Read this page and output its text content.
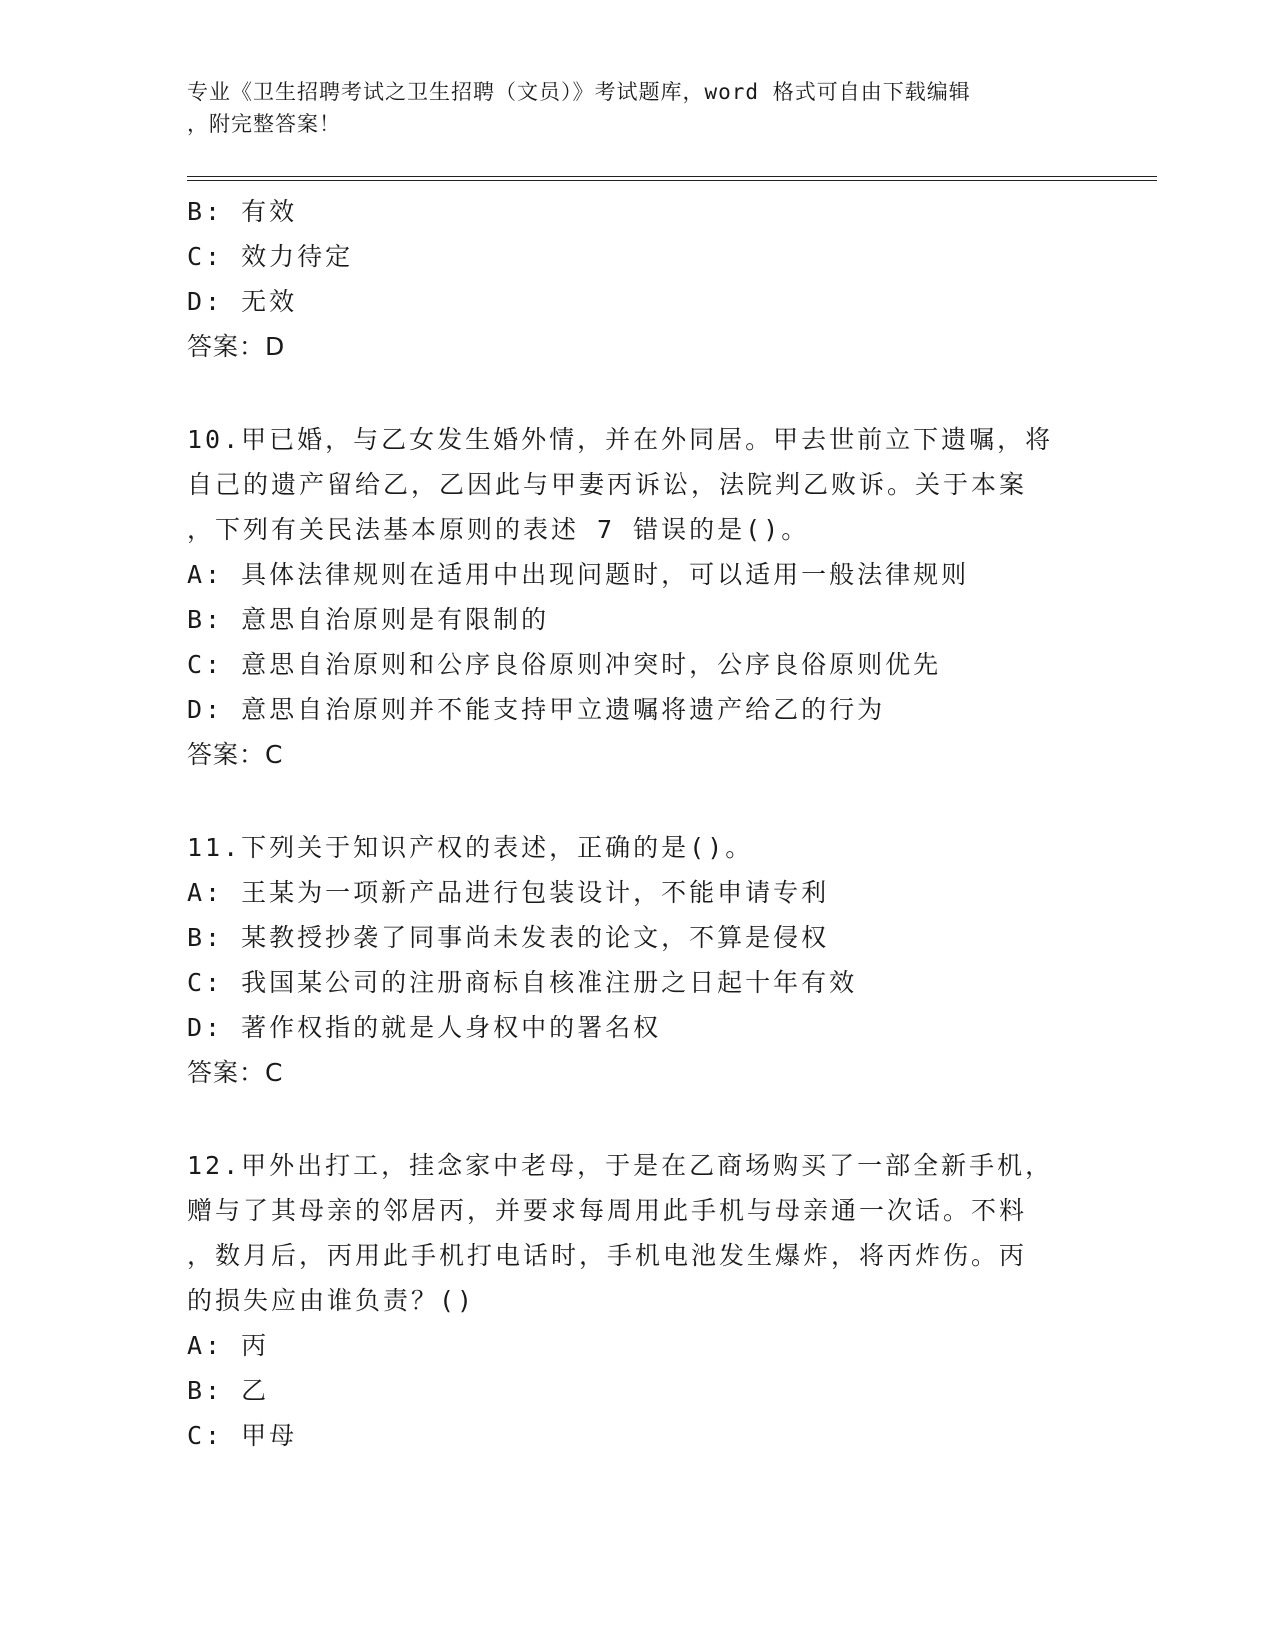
专业《卫生招聘考试之卫生招聘（文员）》考试题库，word 格式可自由下载编辑
，附完整答案！
B: 有效
C: 效力待定
D: 无效
答案：D
10.甲已婚，与乙女发生婚外情，并在外同居。甲去世前立下遗嘱，将
自己的遗产留给乙，乙因此与甲妻丙诉讼，法院判乙败诉。关于本案
，下列有关民法基本原则的表述 7 错误的是()。
A: 具体法律规则在适用中出现问题时，可以适用一般法律规则
B: 意思自治原则是有限制的
C: 意思自治原则和公序良俗原则冲突时，公序良俗原则优先
D: 意思自治原则并不能支持甲立遗嘱将遗产给乙的行为
答案：C
11.下列关于知识产权的表述，正确的是()。
A: 王某为一项新产品进行包装设计，不能申请专利
B: 某教授抄袭了同事尚未发表的论文，不算是侵权
C: 我国某公司的注册商标自核准注册之日起十年有效
D: 著作权指的就是人身权中的署名权
答案：C
12.甲外出打工，挂念家中老母，于是在乙商场购买了一部全新手机，
赠与了其母亲的邻居丙，并要求每周用此手机与母亲通一次话。不料
，数月后，丙用此手机打电话时，手机电池发生爆炸，将丙炸伤。丙
的损失应由谁负责？()
A: 丙
B: 乙
C: 甲母
